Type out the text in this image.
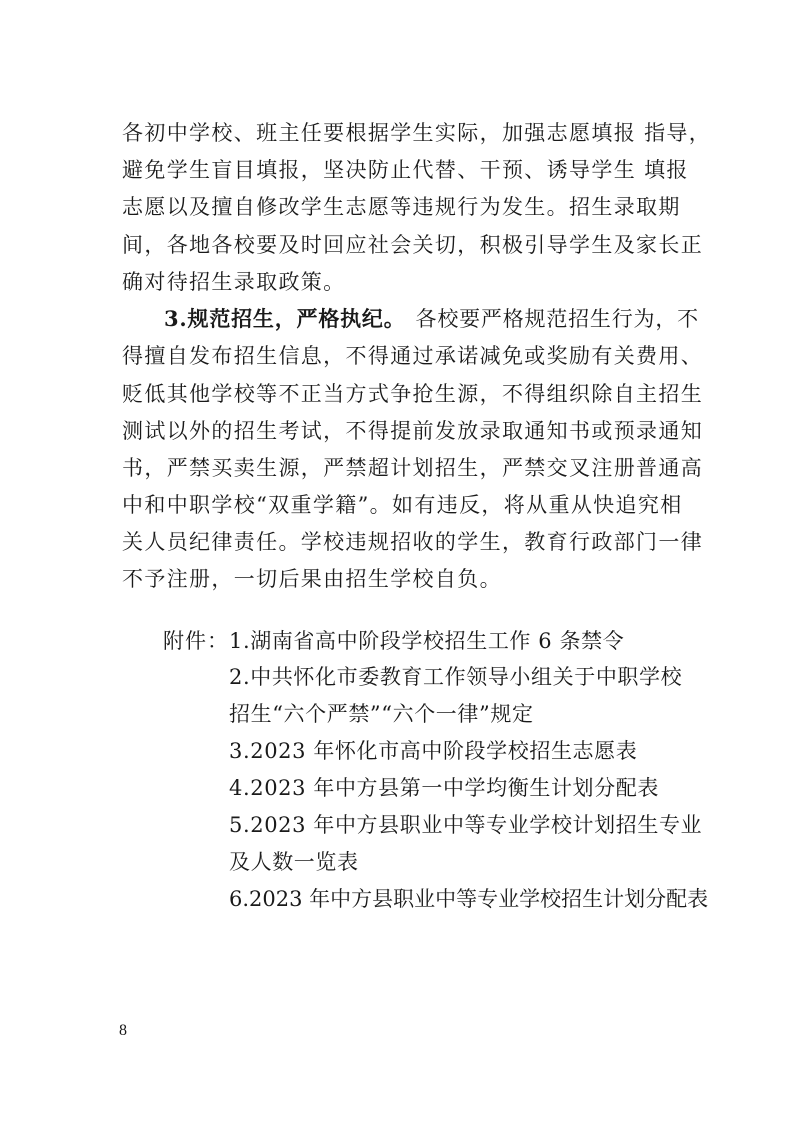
各初中学校、班主任要根据学生实际，加强志愿填报 指导，
避免学生盲目填报，坚决防止代替、干预、诱导学生 填报
志愿以及擅自修改学生志愿等违规行为发生。招生录取期
间，各地各校要及时回应社会关切，积极引导学生及家长正
确对待招生录取政策。
3.规范招生，严格执纪。 各校要严格规范招生行为，不
得擅自发布招生信息，不得通过承诺减免或奖励有关费用、
贬低其他学校等不正当方式争抢生源，不得组织除自主招生
测试以外的招生考试，不得提前发放录取通知书或预录通知
书，严禁买卖生源，严禁超计划招生，严禁交叉注册普通高
中和中职学校“双重学籍”。如有违反，将从重从快追究相
关人员纪律责任。学校违规招收的学生，教育行政部门一律
不予注册，一切后果由招生学校自负。
附件： 1.湖南省高中阶段学校招生工作 6 条禁令
2.中共怀化市委教育工作领导小组关于中职学校
招生“六个严禁”“六个一律”规定
3.2023 年怀化市高中阶段学校招生志愿表
4.2023 年中方县第一中学均衡生计划分配表
5.2023 年中方县职业中等专业学校计划招生专业
及人数一览表
6.2023 年中方县职业中等专业学校招生计划分配表
8
